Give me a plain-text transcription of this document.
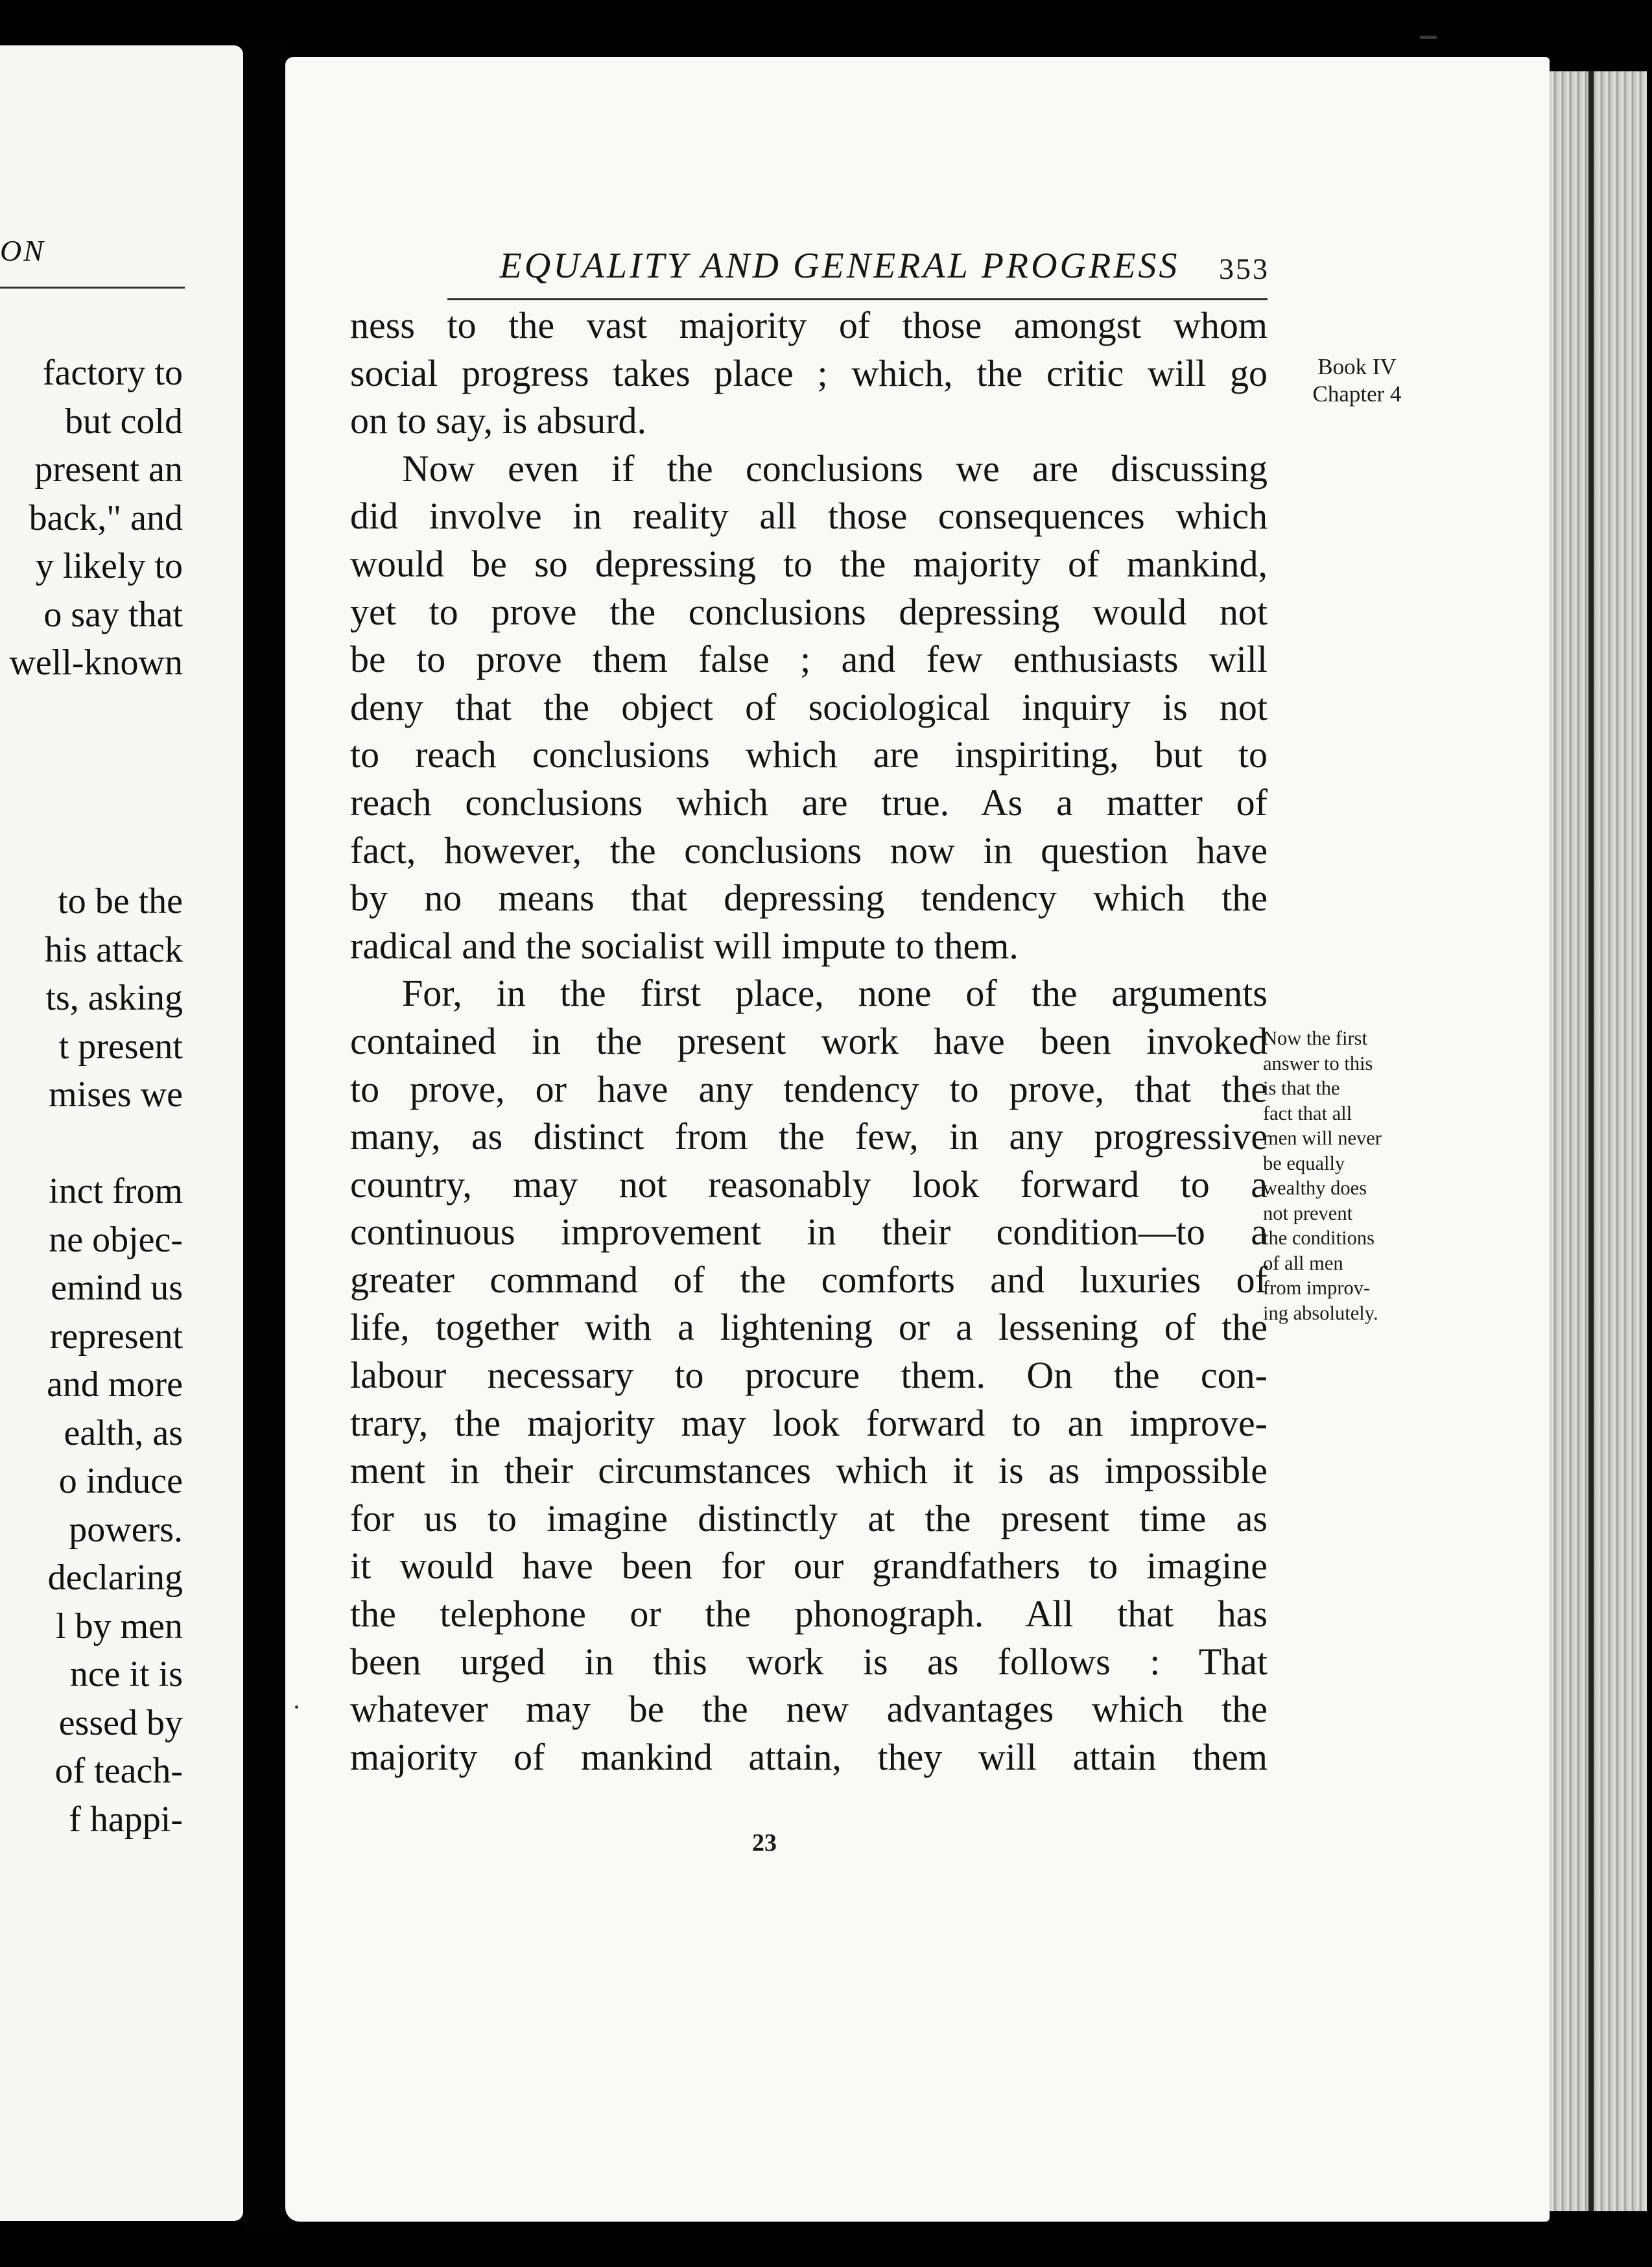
ON
factory to
but cold
present an
back," and
y likely to
o say that
well-known
to be the
his attack
ts, asking
t present
mises we
inct from
ne objec-
emind us
represent
and more
ealth, as
o induce
powers.
declaring
l by men
nce it is
essed by
of teach-
f happi-
EQUALITY AND GENERAL PROGRESS	353
ness to the vast majority of those amongst whom
social progress takes place ; which, the critic will go
on to say, is absurd.
Now even if the conclusions we are discussing
did involve in reality all those consequences which
would be so depressing to the majority of mankind,
yet to prove the conclusions depressing would not
be to prove them false ; and few enthusiasts will
deny that the object of sociological inquiry is not
to reach conclusions which are inspiriting, but to
reach conclusions which are true. As a matter of
fact, however, the conclusions now in question have
by no means that depressing tendency which the
radical and the socialist will impute to them.
For, in the first place, none of the arguments
contained in the present work have been invoked
to prove, or have any tendency to prove, that the
many, as distinct from the few, in any progressive
country, may not reasonably look forward to a
continuous improvement in their condition—to a
greater command of the comforts and luxuries of
life, together with a lightening or a lessening of the
labour necessary to procure them. On the con-
trary, the majority may look forward to an improve-
ment in their circumstances which it is as impossible
for us to imagine distinctly at the present time as
it would have been for our grandfathers to imagine
the telephone or the phonograph. All that has
been urged in this work is as follows : That
whatever may be the new advantages which the
majority of mankind attain, they will attain them
Book IV
Chapter 4
Now the first
answer to this
is that the
fact that all
men will never
be equally
wealthy does
not prevent
the conditions
of all men
from improv-
ing absolutely.
23
